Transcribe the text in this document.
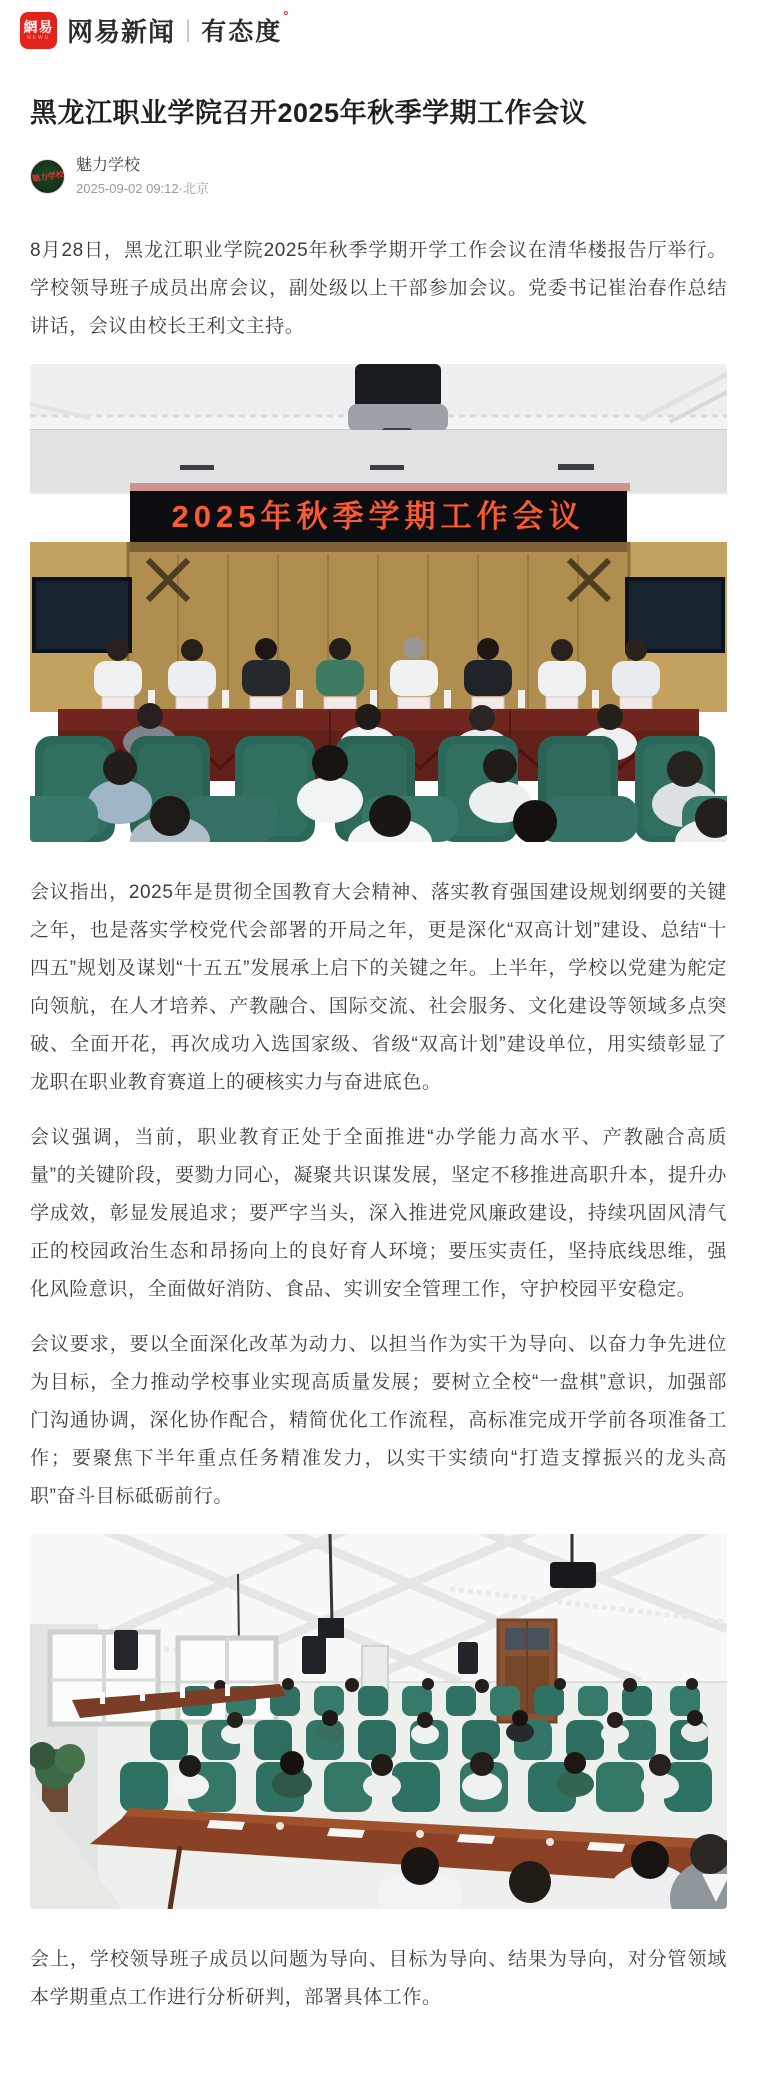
網易
NEWS 网易新闻 | 有态度°
黑龙江职业学院召开2025年秋季学期工作会议
魅力学校
魅力学校
2025-09-02 09:12·北京

8月28日，黑龙江职业学院2025年秋季学期开学工作会议在清华楼报告厅举行。学校领导班子成员出席会议，副处级以上干部参加会议。党委书记崔治春作总结讲话，会议由校长王利文主持。

2025年秋季学期工作会议

会议指出，2025年是贯彻全国教育大会精神、落实教育强国建设规划纲要的关键之年，也是落实学校党代会部署的开局之年，更是深化“双高计划”建设、总结“十四五”规划及谋划“十五五”发展承上启下的关键之年。上半年，学校以党建为舵定向领航，在人才培养、产教融合、国际交流、社会服务、文化建设等领域多点突破、全面开花，再次成功入选国家级、省级“双高计划”建设单位，用实绩彰显了龙职在职业教育赛道上的硬核实力与奋进底色。

会议强调，当前，职业教育正处于全面推进“办学能力高水平、产教融合高质量”的关键阶段，要勠力同心，凝聚共识谋发展，坚定不移推进高职升本，提升办学成效，彰显发展追求；要严字当头，深入推进党风廉政建设，持续巩固风清气正的校园政治生态和昂扬向上的良好育人环境；要压实责任，坚持底线思维，强化风险意识，全面做好消防、食品、实训安全管理工作，守护校园平安稳定。

会议要求，要以全面深化改革为动力、以担当作为实干为导向、以奋力争先进位为目标，全力推动学校事业实现高质量发展；要树立全校“一盘棋”意识，加强部门沟通协调，深化协作配合，精简优化工作流程，高标准完成开学前各项准备工作；要聚焦下半年重点任务精准发力，以实干实绩向“打造支撑振兴的龙头高职”奋斗目标砥砺前行。

会上，学校领导班子成员以问题为导向、目标为导向、结果为导向，对分管领域本学期重点工作进行分析研判，部署具体工作。
